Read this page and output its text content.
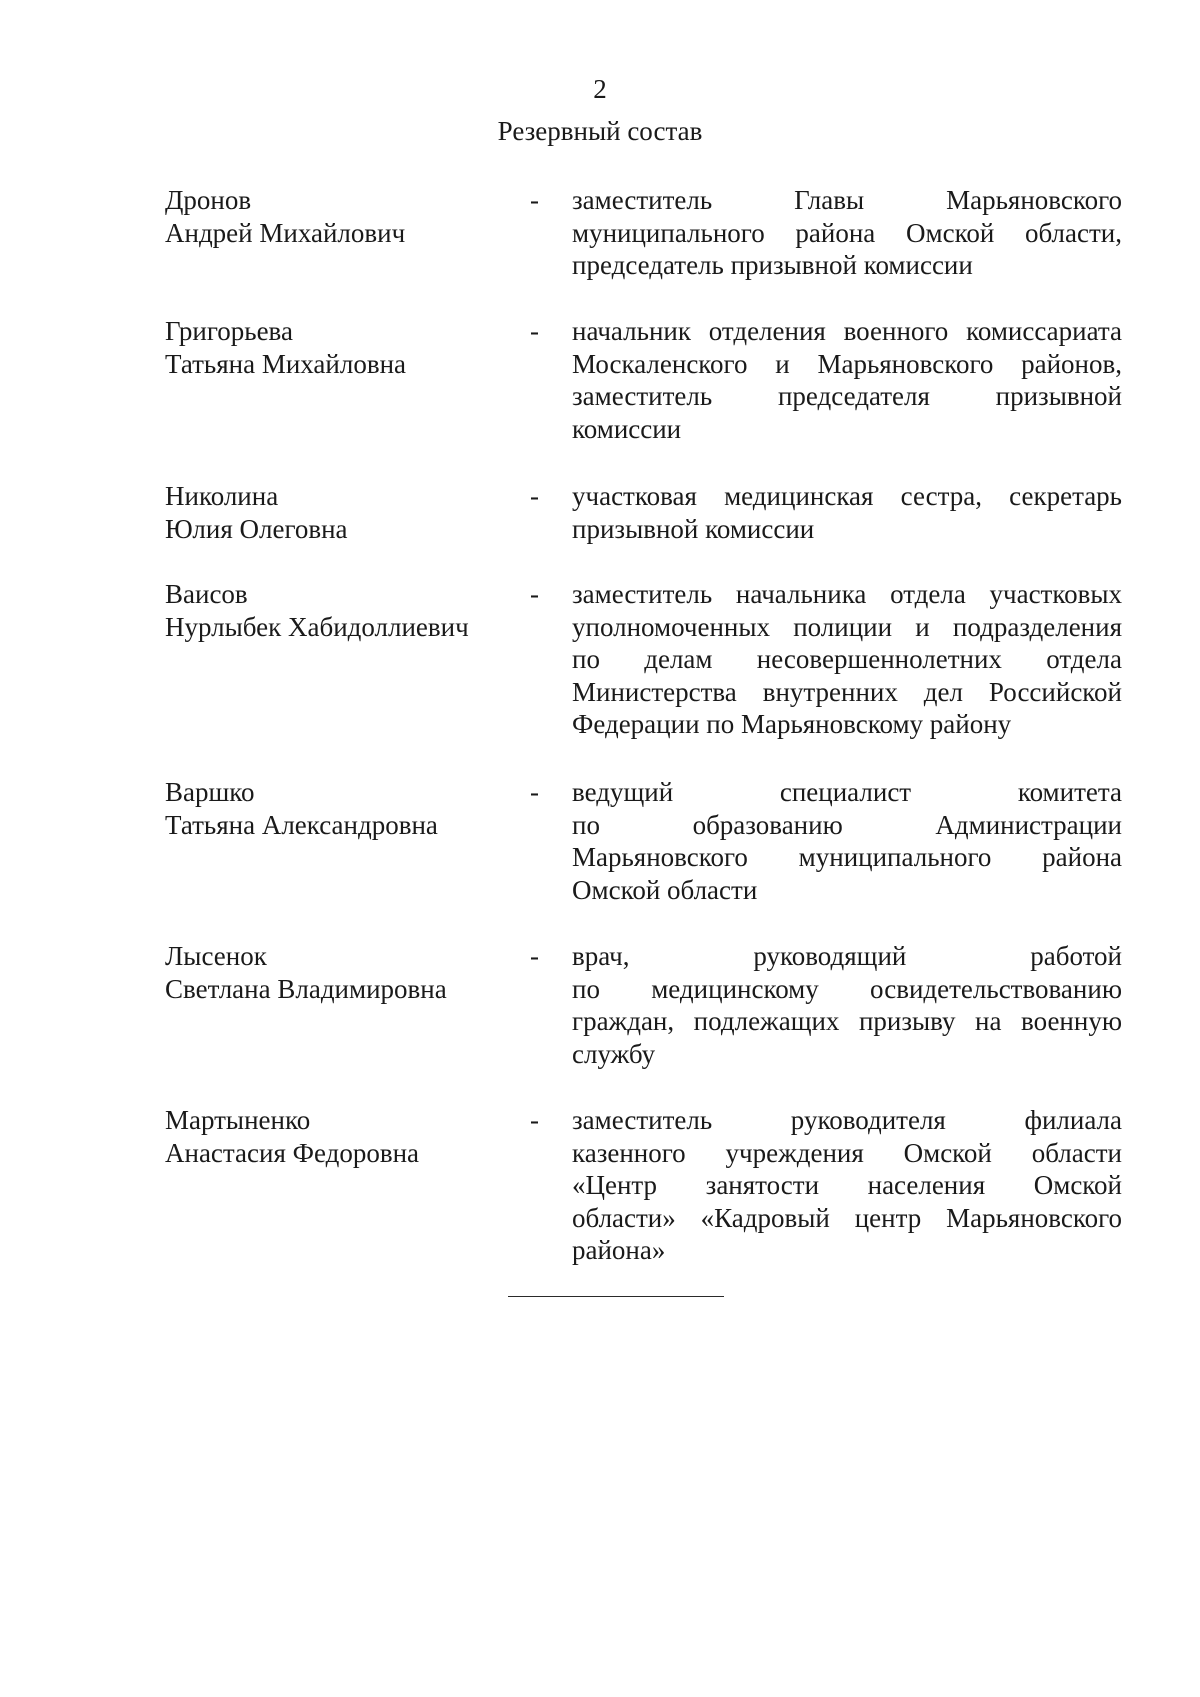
2
Резервный состав
Дронов
Андрей Михайлович
- заместитель Главы Марьяновского
муниципального района Омской области,
председатель призывной комиссии
Григорьева
Татьяна Михайловна
- начальник отделения военного комиссариата
Москаленского и Марьяновского районов,
заместитель председателя призывной
комиссии
Николина
Юлия Олеговна
- участковая медицинская сестра, секретарь
призывной комиссии
Ваисов
Нурлыбек Хабидоллиевич
- заместитель начальника отдела участковых
уполномоченных полиции и подразделения
по делам несовершеннолетних отдела
Министерства внутренних дел Российской
Федерации по Марьяновскому району
Варшко
Татьяна Александровна
- ведущий специалист комитета
по образованию Администрации
Марьяновского муниципального района
Омской области
Лысенок
Светлана Владимировна
- врач, руководящий работой
по медицинскому освидетельствованию
граждан, подлежащих призыву на военную
службу
Мартыненко
Анастасия Федоровна
- заместитель руководителя филиала
казенного учреждения Омской области
«Центр занятости населения Омской
области» «Кадровый центр Марьяновского
района»
